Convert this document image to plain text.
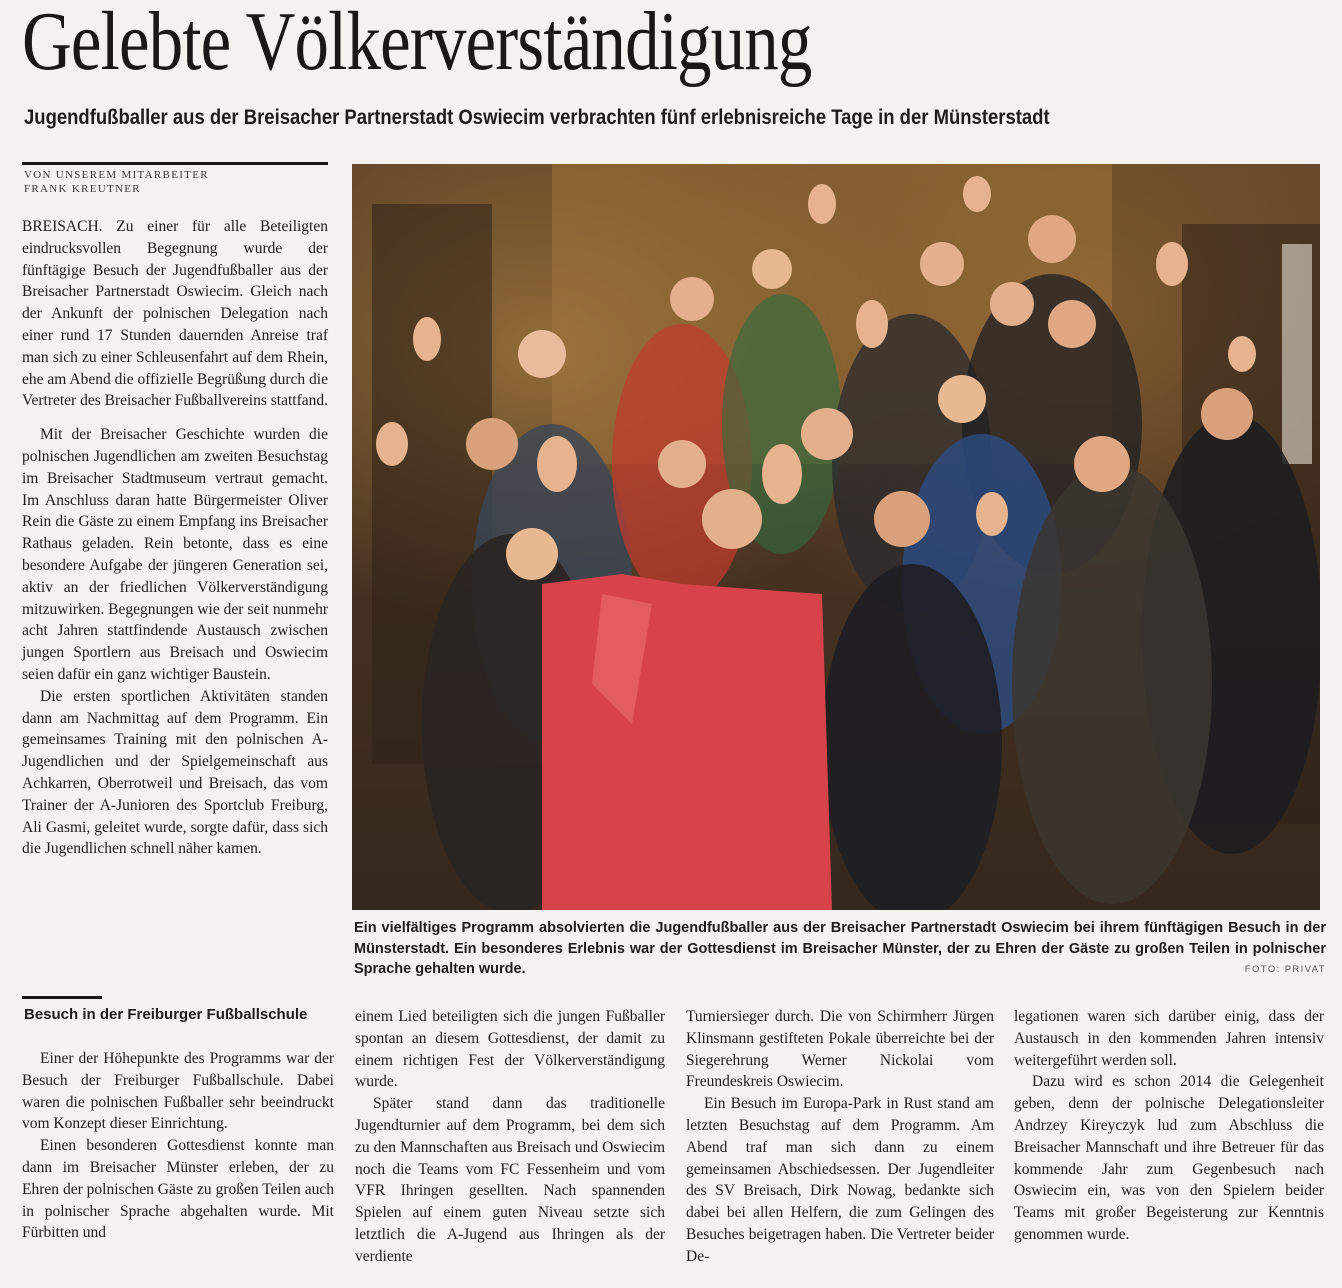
Gelebte Völkerverständigung
Jugendfußballer aus der Breisacher Partnerstadt Oswiecim verbrachten fünf erlebnisreiche Tage in der Münsterstadt
VON UNSEREM MITARBEITER
FRANK KREUTNER

BREISACH. Zu einer für alle Beteiligten eindrucksvollen Begegnung wurde der fünftägige Besuch der Jugendfußballer aus der Breisacher Partnerstadt Oswiecim. Gleich nach der Ankunft der polnischen Delegation nach einer rund 17 Stunden dauernden Anreise traf man sich zu einer Schleusenfahrt auf dem Rhein, ehe am Abend die offizielle Begrüßung durch die Vertreter des Breisacher Fußballvereins stattfand.

Mit der Breisacher Geschichte wurden die polnischen Jugendlichen am zweiten Besuchstag im Breisacher Stadtmuseum vertraut gemacht. Im Anschluss daran hatte Bürgermeister Oliver Rein die Gäste zu einem Empfang ins Breisacher Rathaus geladen. Rein betonte, dass es eine besondere Aufgabe der jüngeren Generation sei, aktiv an der friedlichen Völkerverständigung mitzuwirken. Begegnungen wie der seit nunmehr acht Jahren stattfindende Austausch zwischen jungen Sportlern aus Breisach und Oswiecim seien dafür ein ganz wichtiger Baustein.

Die ersten sportlichen Aktivitäten standen dann am Nachmittag auf dem Programm. Ein gemeinsames Training mit den polnischen A-Jugendlichen und der Spielgemeinschaft aus Achkarren, Oberrotweil und Breisach, das vom Trainer der A-Junioren des Sportclub Freiburg, Ali Gasmi, geleitet wurde, sorgte dafür, dass sich die Jugendlichen schnell näher kamen.

Besuch in der Freiburger Fußballschule

Einer der Höhepunkte des Programms war der Besuch der Freiburger Fußballschule. Dabei waren die polnischen Fußballer sehr beeindruckt vom Konzept dieser Einrichtung.

Einen besonderen Gottesdienst konnte man dann im Breisacher Münster erleben, der zu Ehren der polnischen Gäste zu großen Teilen auch in polnischer Sprache abgehalten wurde. Mit Fürbitten und

einem Lied beteiligten sich die jungen Fußballer spontan an diesem Gottesdienst, der damit zu einem richtigen Fest der Völkerverständigung wurde.

Später stand dann das traditionelle Jugendturnier auf dem Programm, bei dem sich zu den Mannschaften aus Breisach und Oswiecim noch die Teams vom FC Fessenheim und vom VFR Ihringen gesellten. Nach spannenden Spielen auf einem guten Niveau setzte sich letztlich die A-Jugend aus Ihringen als der verdiente

Turniersieger durch. Die von Schirmherr Jürgen Klinsmann gestifteten Pokale überreichte bei der Siegerehrung Werner Nickolai vom Freundeskreis Oswiecim.

Ein Besuch im Europa-Park in Rust stand am letzten Besuchstag auf dem Programm. Am Abend traf man sich dann zu einem gemeinsamen Abschiedsessen. Der Jugendleiter des SV Breisach, Dirk Nowag, bedankte sich dabei bei allen Helfern, die zum Gelingen des Besuches beigetragen haben. Die Vertreter beider De-

legationen waren sich darüber einig, dass der Austausch in den kommenden Jahren intensiv weitergeführt werden soll.

Dazu wird es schon 2014 die Gelegenheit geben, denn der polnische Delegationsleiter Andrzey Kireyczyk lud zum Abschluss die Breisacher Mannschaft und ihre Betreuer für das kommende Jahr zum Gegenbesuch nach Oswiecim ein, was von den Spielern beider Teams mit großer Begeisterung zur Kenntnis genommen wurde.

Ein vielfältiges Programm absolvierten die Jugendfußballer aus der Breisacher Partnerstadt Oswiecim bei ihrem fünftägigen Besuch in der Münsterstadt. Ein besonderes Erlebnis war der Gottesdienst im Breisacher Münster, der zu Ehren der Gäste zu großen Teilen in polnischer Sprache gehalten wurde.	FOTO: PRIVAT
